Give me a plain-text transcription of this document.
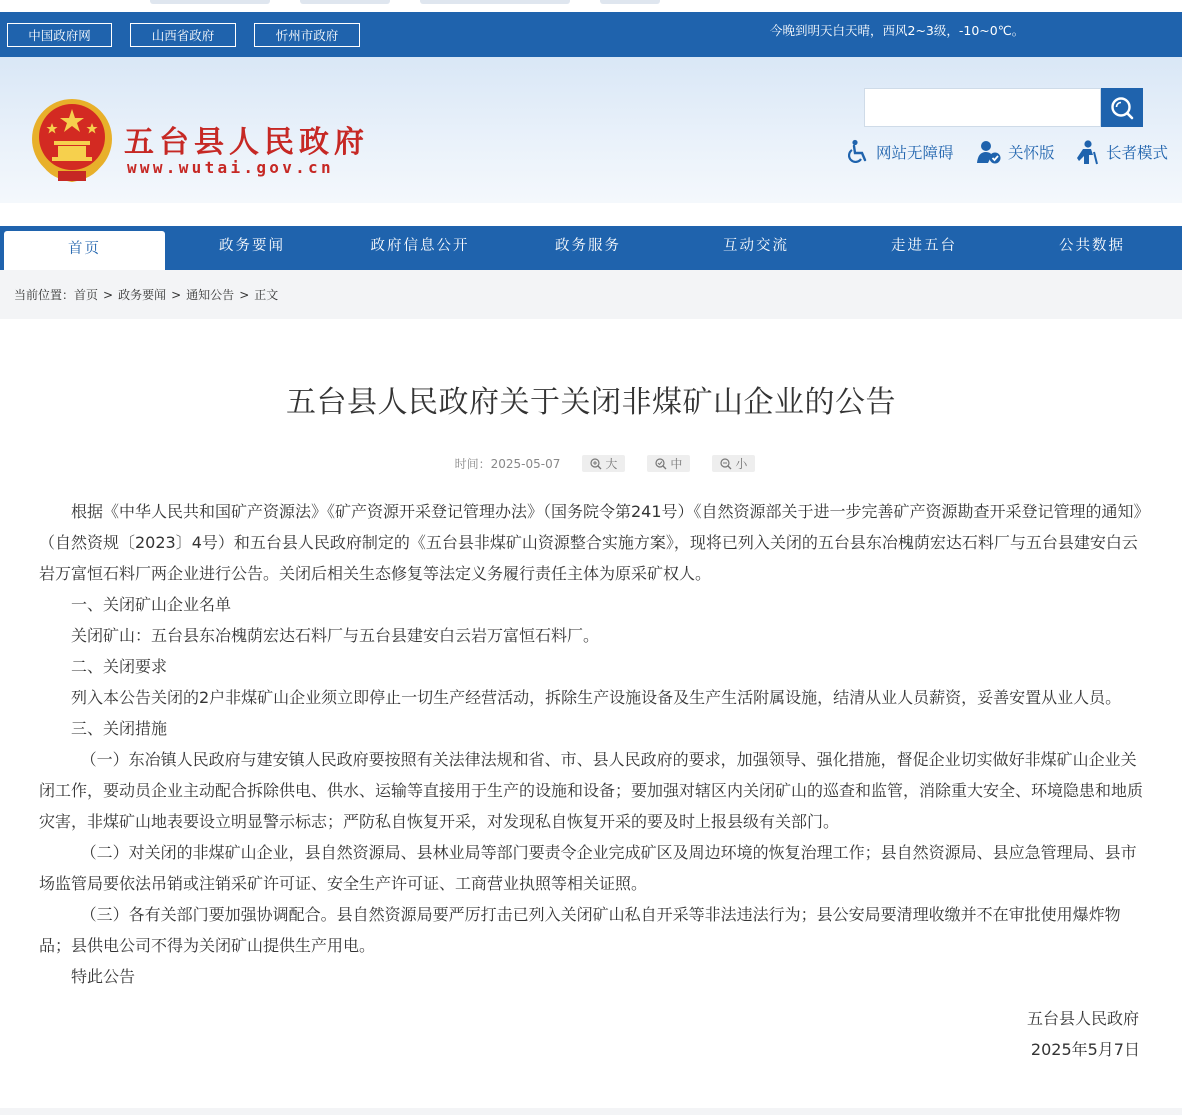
中国政府网	山西省政府	忻州市政府	今晚到明天白天晴，西风2~3级，-10~0℃。
五台县人民政府
www.wutai.gov.cn
网站无障碍	关怀版	长者模式
首页	政务要闻	政府信息公开	政务服务	互动交流	走进五台	公共数据
当前位置： 首页 > 政务要闻 > 通知公告 > 正文
五台县人民政府关于关闭非煤矿山企业的公告
时间： 2025-05-07	大	中	小

根据《中华人民共和国矿产资源法》《矿产资源开采登记管理办法》（国务院令第241号）《自然资源部关于进一步完善矿产资源勘查开采登记管理的通知》（自然资规〔2023〕4号）和五台县人民政府制定的《五台县非煤矿山资源整合实施方案》，现将已列入关闭的五台县东冶槐荫宏达石料厂与五台县建安白云岩万富恒石料厂两企业进行公告。关闭后相关生态修复等法定义务履行责任主体为原采矿权人。

一、关闭矿山企业名单

关闭矿山：五台县东冶槐荫宏达石料厂与五台县建安白云岩万富恒石料厂。

二、关闭要求

列入本公告关闭的2户非煤矿山企业须立即停止一切生产经营活动，拆除生产设施设备及生产生活附属设施，结清从业人员薪资，妥善安置从业人员。

三、关闭措施

（一）东冶镇人民政府与建安镇人民政府要按照有关法律法规和省、市、县人民政府的要求，加强领导、强化措施，督促企业切实做好非煤矿山企业关闭工作，要动员企业主动配合拆除供电、供水、运输等直接用于生产的设施和设备；要加强对辖区内关闭矿山的巡查和监管，消除重大安全、环境隐患和地质灾害，非煤矿山地表要设立明显警示标志；严防私自恢复开采，对发现私自恢复开采的要及时上报县级有关部门。

（二）对关闭的非煤矿山企业，县自然资源局、县林业局等部门要责令企业完成矿区及周边环境的恢复治理工作；县自然资源局、县应急管理局、县市场监管局要依法吊销或注销采矿许可证、安全生产许可证、工商营业执照等相关证照。

（三）各有关部门要加强协调配合。县自然资源局要严厉打击已列入关闭矿山私自开采等非法违法行为；县公安局要清理收缴并不在审批使用爆炸物品；县供电公司不得为关闭矿山提供生产用电。

特此公告

五台县人民政府
2025年5月7日
